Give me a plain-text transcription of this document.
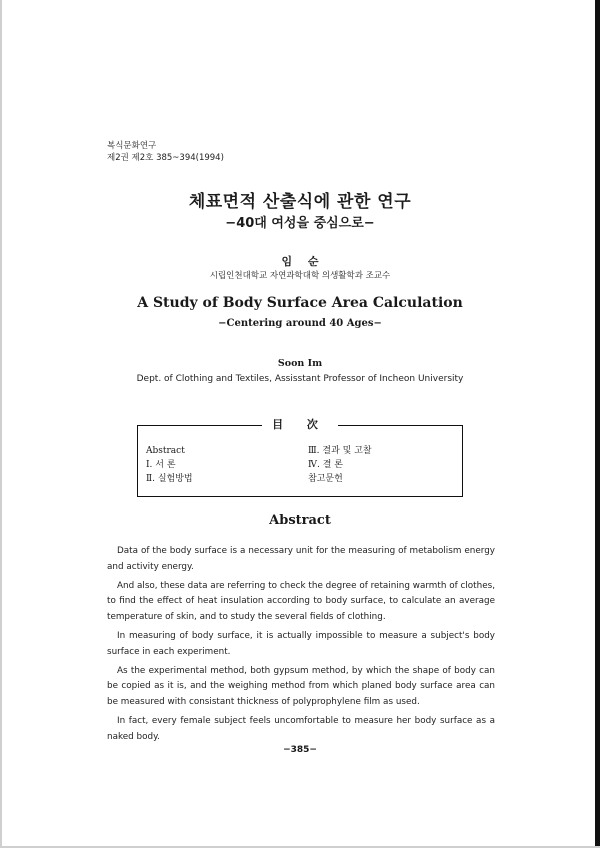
복식문화연구
제2권 제2호 385~394(1994)
체표면적 산출식에 관한 연구
−40대 여성을 중심으로−
임 순
시립인천대학교 자연과학대학 의생활학과 조교수
A Study of Body Surface Area Calculation
−Centering around 40 Ages−
Soon Im
Dept. of Clothing and Textiles, Assisstant Professor of Incheon University
目 次
Abstract
Ⅰ. 서 론
Ⅱ. 실험방법
Ⅲ. 결과 및 고찰
Ⅳ. 결 론
참고문헌
Abstract

Data of the body surface is a necessary unit for the measuring of metabolism energy and activity energy.

And also, these data are referring to check the degree of retaining warmth of clothes, to find the effect of heat insulation according to body surface, to calculate an average temperature of skin, and to study the several fields of clothing.

In measuring of body surface, it is actually impossible to measure a subject's body surface in each experiment.

As the experimental method, both gypsum method, by which the shape of body can be copied as it is, and the weighing method from which planed body surface area can be measured with consistant thickness of polyprophylene film as used.

In fact, every female subject feels uncomfortable to measure her body surface as a naked body.

−385−
